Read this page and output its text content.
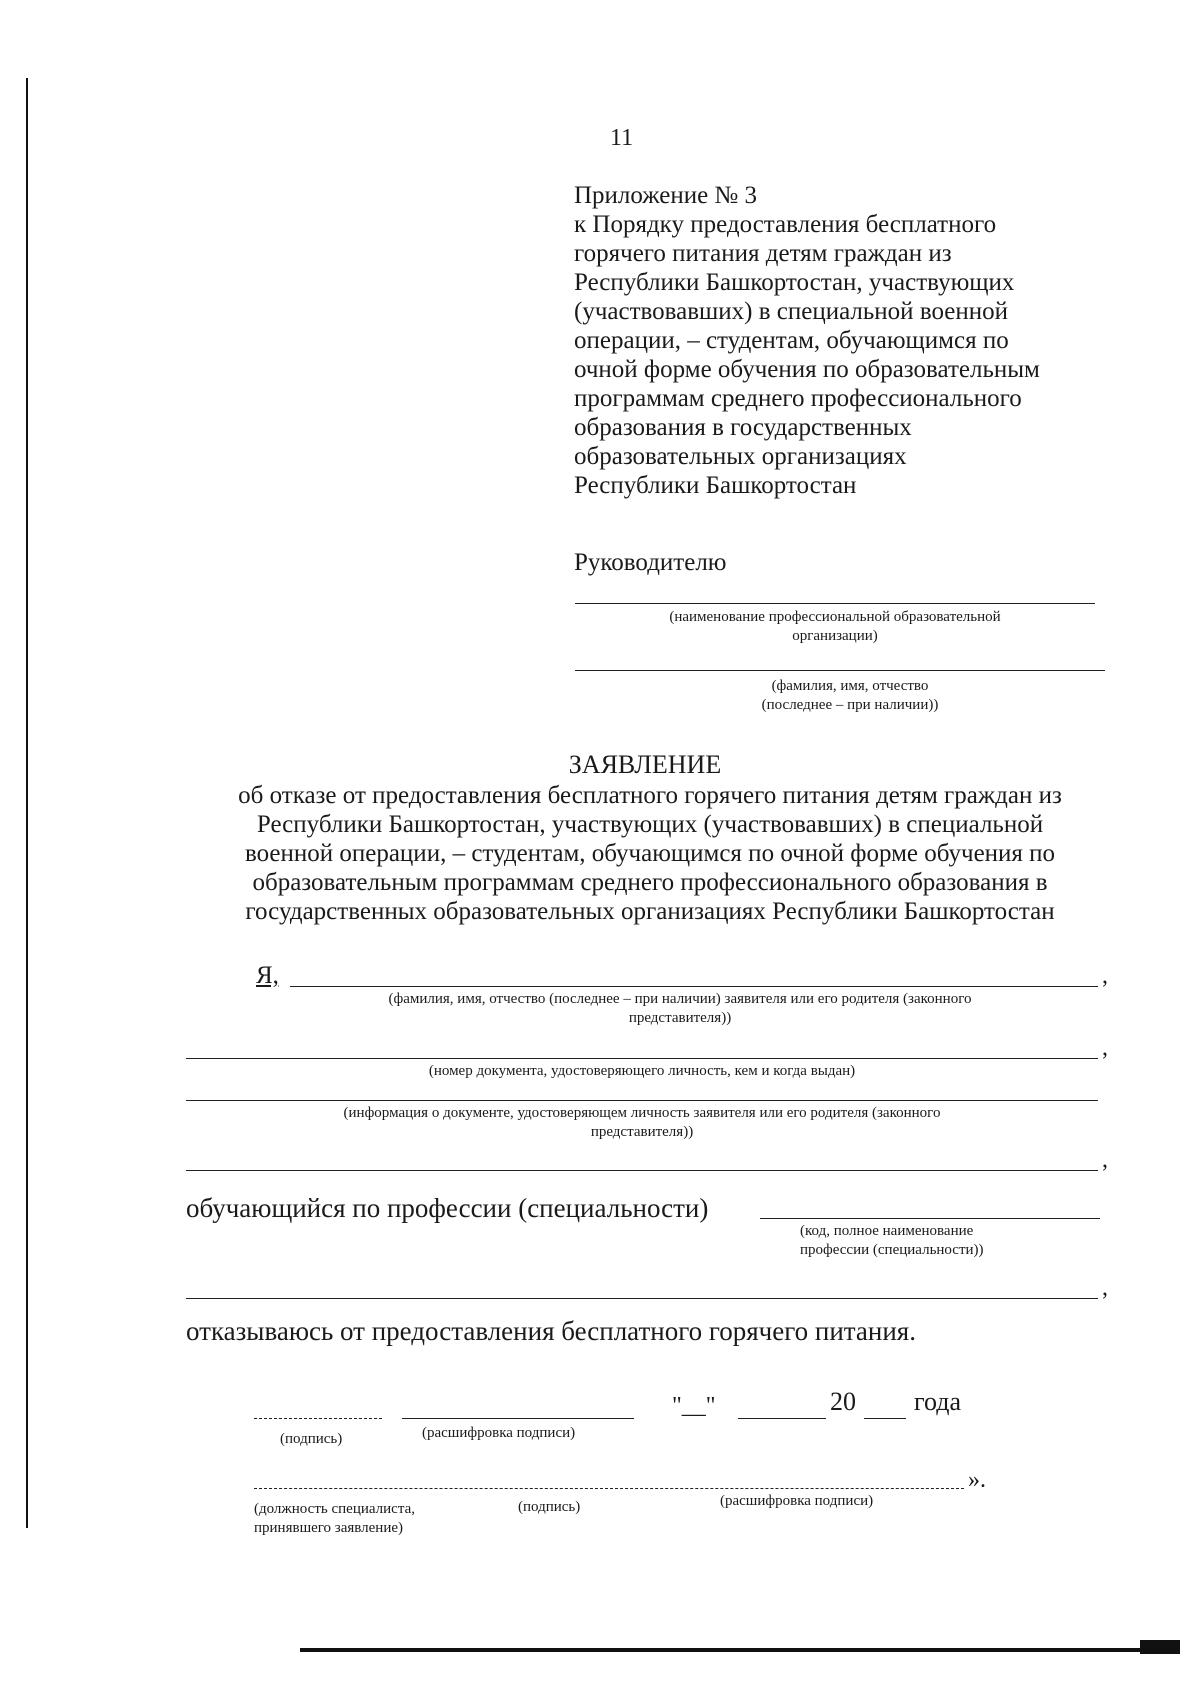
11
Приложение № 3
к Порядку предоставления бесплатного
горячего питания детям граждан из
Республики Башкортостан, участвующих
(участвовавших) в специальной военной
операции, – студентам, обучающимся по
очной форме обучения по образовательным
программам среднего профессионального
образования в государственных
образовательных организациях
Республики Башкортостан
Руководителю
(наименование профессиональной образовательной
организации)
(фамилия, имя, отчество
(последнее – при наличии))
ЗАЯВЛЕНИЕ
об отказе от предоставления бесплатного горячего питания детям граждан из
Республики Башкортостан, участвующих (участвовавших) в специальной
военной операции, – студентам, обучающимся по очной форме обучения по
образовательным программам среднего профессионального образования в
государственных образовательных организациях Республики Башкортостан
Я,	,
(фамилия, имя, отчество (последнее – при наличии) заявителя или его родителя (законного
представителя))
,
(номер документа, удостоверяющего личность, кем и когда выдан)
(информация о документе, удостоверяющем личность заявителя или его родителя (законного
представителя))
,
обучающийся по профессии (специальности)
(код, полное наименование
профессии (специальности))
,
отказываюсь от предоставления бесплатного горячего питания.
"__"	20 года
(подпись)	(расшифровка подписи)
».
(должность специалиста,
принявшего заявление)
(подпись)	(расшифровка подписи)
